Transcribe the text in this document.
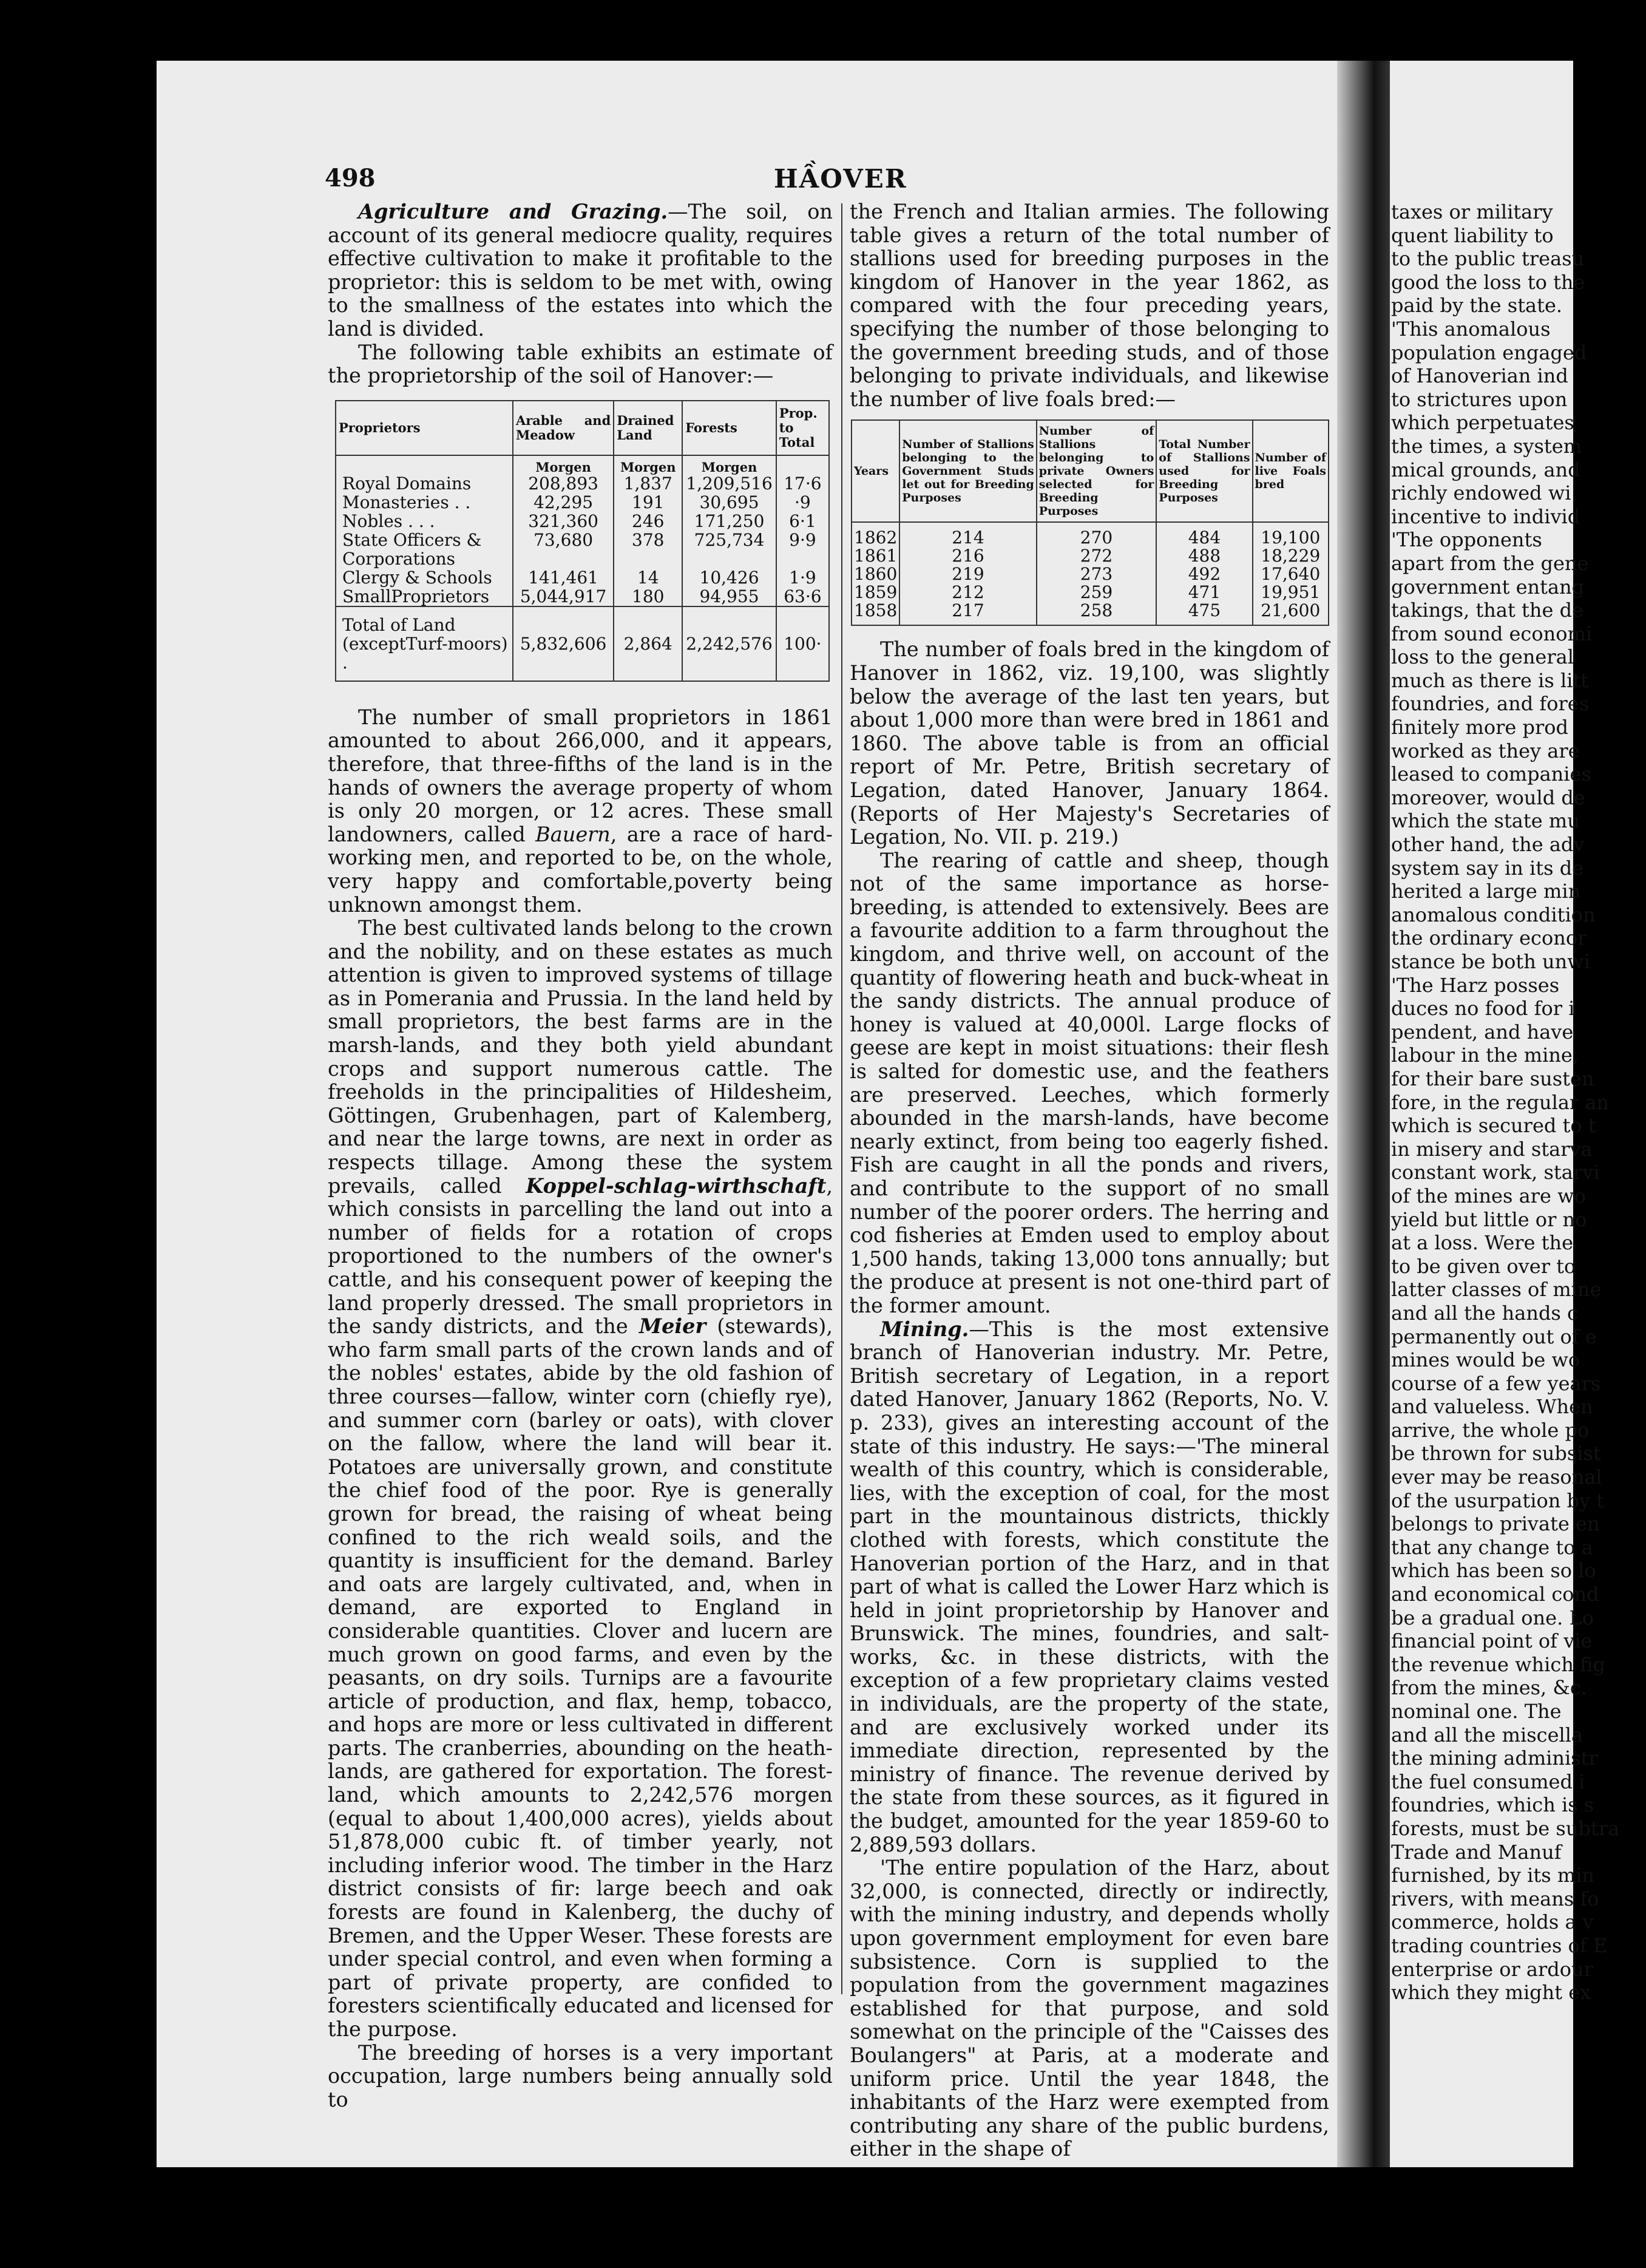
498	HẦOVER

Agriculture and Grazing.—The soil, on account of its general mediocre quality, requires effective cultivation to make it profitable to the proprietor: this is seldom to be met with, owing to the smallness of the estates into which the land is divided.

The following table exhibits an estimate of the proprietorship of the soil of Hanover:—

Proprietors	Arable and Meadow	Drained Land	Forests	Prop. to Total
	Morgen	Morgen	Morgen	
Royal Domains	208,893	1,837	1,209,516	17·6
Monasteries . .	42,295	191	30,695	·9
Nobles . . .	321,360	246	171,250	6·1
State Officers & Corporations	73,680	378	725,734	9·9
Clergy & Schools	141,461	14	10,426	1·9
SmallProprietors	5,044,917	180	94,955	63·6
Total of Land (exceptTurf-moors) .	5,832,606	2,864	2,242,576	100·

The number of small proprietors in 1861 amounted to about 266,000, and it appears, therefore, that three-fifths of the land is in the hands of owners the average property of whom is only 20 morgen, or 12 acres. These small landowners, called Bauern, are a race of hard-working men, and reported to be, on the whole, very happy and comfortable,poverty being unknown amongst them.

The best cultivated lands belong to the crown and the nobility, and on these estates as much attention is given to improved systems of tillage as in Pomerania and Prussia. In the land held by small proprietors, the best farms are in the marsh-lands, and they both yield abundant crops and support numerous cattle. The freeholds in the principalities of Hildesheim, Göttingen, Grubenhagen, part of Kalemberg, and near the large towns, are next in order as respects tillage. Among these the system prevails, called Koppel-schlag-wirthschaft, which consists in parcelling the land out into a number of fields for a rotation of crops proportioned to the numbers of the owner's cattle, and his consequent power of keeping the land properly dressed. The small proprietors in the sandy districts, and the Meier (stewards), who farm small parts of the crown lands and of the nobles' estates, abide by the old fashion of three courses—fallow, winter corn (chiefly rye), and summer corn (barley or oats), with clover on the fallow, where the land will bear it. Potatoes are universally grown, and constitute the chief food of the poor. Rye is generally grown for bread, the raising of wheat being confined to the rich weald soils, and the quantity is insufficient for the demand. Barley and oats are largely cultivated, and, when in demand, are exported to England in considerable quantities. Clover and lucern are much grown on good farms, and even by the peasants, on dry soils. Turnips are a favourite article of production, and flax, hemp, tobacco, and hops are more or less cultivated in different parts. The cranberries, abounding on the heath-lands, are gathered for exportation. The forest-land, which amounts to 2,242,576 morgen (equal to about 1,400,000 acres), yields about 51,878,000 cubic ft. of timber yearly, not including inferior wood. The timber in the Harz district consists of fir: large beech and oak forests are found in Kalenberg, the duchy of Bremen, and the Upper Weser. These forests are under special control, and even when forming a part of private property, are confided to foresters scientifically educated and licensed for the purpose.

The breeding of horses is a very important occupation, large numbers being annually sold to

the French and Italian armies. The following table gives a return of the total number of stallions used for breeding purposes in the kingdom of Hanover in the year 1862, as compared with the four preceding years, specifying the number of those belonging to the government breeding studs, and of those belonging to private individuals, and likewise the number of live foals bred:—

Years	Number of Stallions belonging to the Government Studs let out for Breeding Purposes	Number of Stallions belonging to private Owners selected for Breeding Purposes	Total Number of Stallions used for Breeding Purposes	Number of live Foals bred
1862	214	270	484	19,100
1861	216	272	488	18,229
1860	219	273	492	17,640
1859	212	259	471	19,951
1858	217	258	475	21,600

The number of foals bred in the kingdom of Hanover in 1862, viz. 19,100, was slightly below the average of the last ten years, but about 1,000 more than were bred in 1861 and 1860. The above table is from an official report of Mr. Petre, British secretary of Legation, dated Hanover, January 1864. (Reports of Her Majesty's Secretaries of Legation, No. VII. p. 219.)

The rearing of cattle and sheep, though not of the same importance as horse-breeding, is attended to extensively. Bees are a favourite addition to a farm throughout the kingdom, and thrive well, on account of the quantity of flowering heath and buck-wheat in the sandy districts. The annual produce of honey is valued at 40,000l. Large flocks of geese are kept in moist situations: their flesh is salted for domestic use, and the feathers are preserved. Leeches, which formerly abounded in the marsh-lands, have become nearly extinct, from being too eagerly fished. Fish are caught in all the ponds and rivers, and contribute to the support of no small number of the poorer orders. The herring and cod fisheries at Emden used to employ about 1,500 hands, taking 13,000 tons annually; but the produce at present is not one-third part of the former amount.

Mining.—This is the most extensive branch of Hanoverian industry. Mr. Petre, British secretary of Legation, in a report dated Hanover, January 1862 (Reports, No. V. p. 233), gives an interesting account of the state of this industry. He says:—'The mineral wealth of this country, which is considerable, lies, with the exception of coal, for the most part in the mountainous districts, thickly clothed with forests, which constitute the Hanoverian portion of the Harz, and in that part of what is called the Lower Harz which is held in joint proprietorship by Hanover and Brunswick. The mines, foundries, and salt-works, &c. in these districts, with the exception of a few proprietary claims vested in individuals, are the property of the state, and are exclusively worked under its immediate direction, represented by the ministry of finance. The revenue derived by the state from these sources, as it figured in the budget, amounted for the year 1859-60 to 2,889,593 dollars.

'The entire population of the Harz, about 32,000, is connected, directly or indirectly, with the mining industry, and depends wholly upon government employment for even bare subsistence. Corn is supplied to the population from the government magazines established for that purpose, and sold somewhat on the principle of the "Caisses des Boulangers" at Paris, at a moderate and uniform price. Until the year 1848, the inhabitants of the Harz were exempted from contributing any share of the public burdens, either in the shape of

taxes or military
quent liability to
to the public treasu
good the loss to the
paid by the state.
'This anomalous
population engaged
of Hanoverian ind
to strictures upon
which perpetuates
the times, a system
mical grounds, and
richly endowed wi
incentive to individ
'The opponents
apart from the gene
government entang
takings, that the de
from sound economi
loss to the general
much as there is litt
foundries, and fores
finitely more prod
worked as they are
leased to companies
moreover, would de
which the state mu
other hand, the adv
system say in its de
herited a large min
anomalous condition
the ordinary econor
stance be both unwi
'The Harz posses
duces no food for i
pendent, and have
labour in the mine,
for their bare susten
fore, in the regular an
which is secured to t
in misery and starva
constant work, starvi
of the mines are wo
yield but little or no
at a loss. Were the
to be given over to
latter classes of mine
and all the hands c
permanently out of e
mines would be wo
course of a few years
and valueless. When
arrive, the whole po
be thrown for subsist
ever may be reasonal
of the usurpation by t
belongs to private en
that any change to a
which has been so lo
and economical cond
be a gradual one. Lo
financial point of vie
the revenue which fig
from the mines, &c.
nominal one. The
and all the miscella
the mining administr
the fuel consumed i
foundries, which is s
forests, must be subtra
Trade and Manuf
furnished, by its min
rivers, with means fo
commerce, holds a v
trading countries of E
enterprise or ardour
which they might ex
